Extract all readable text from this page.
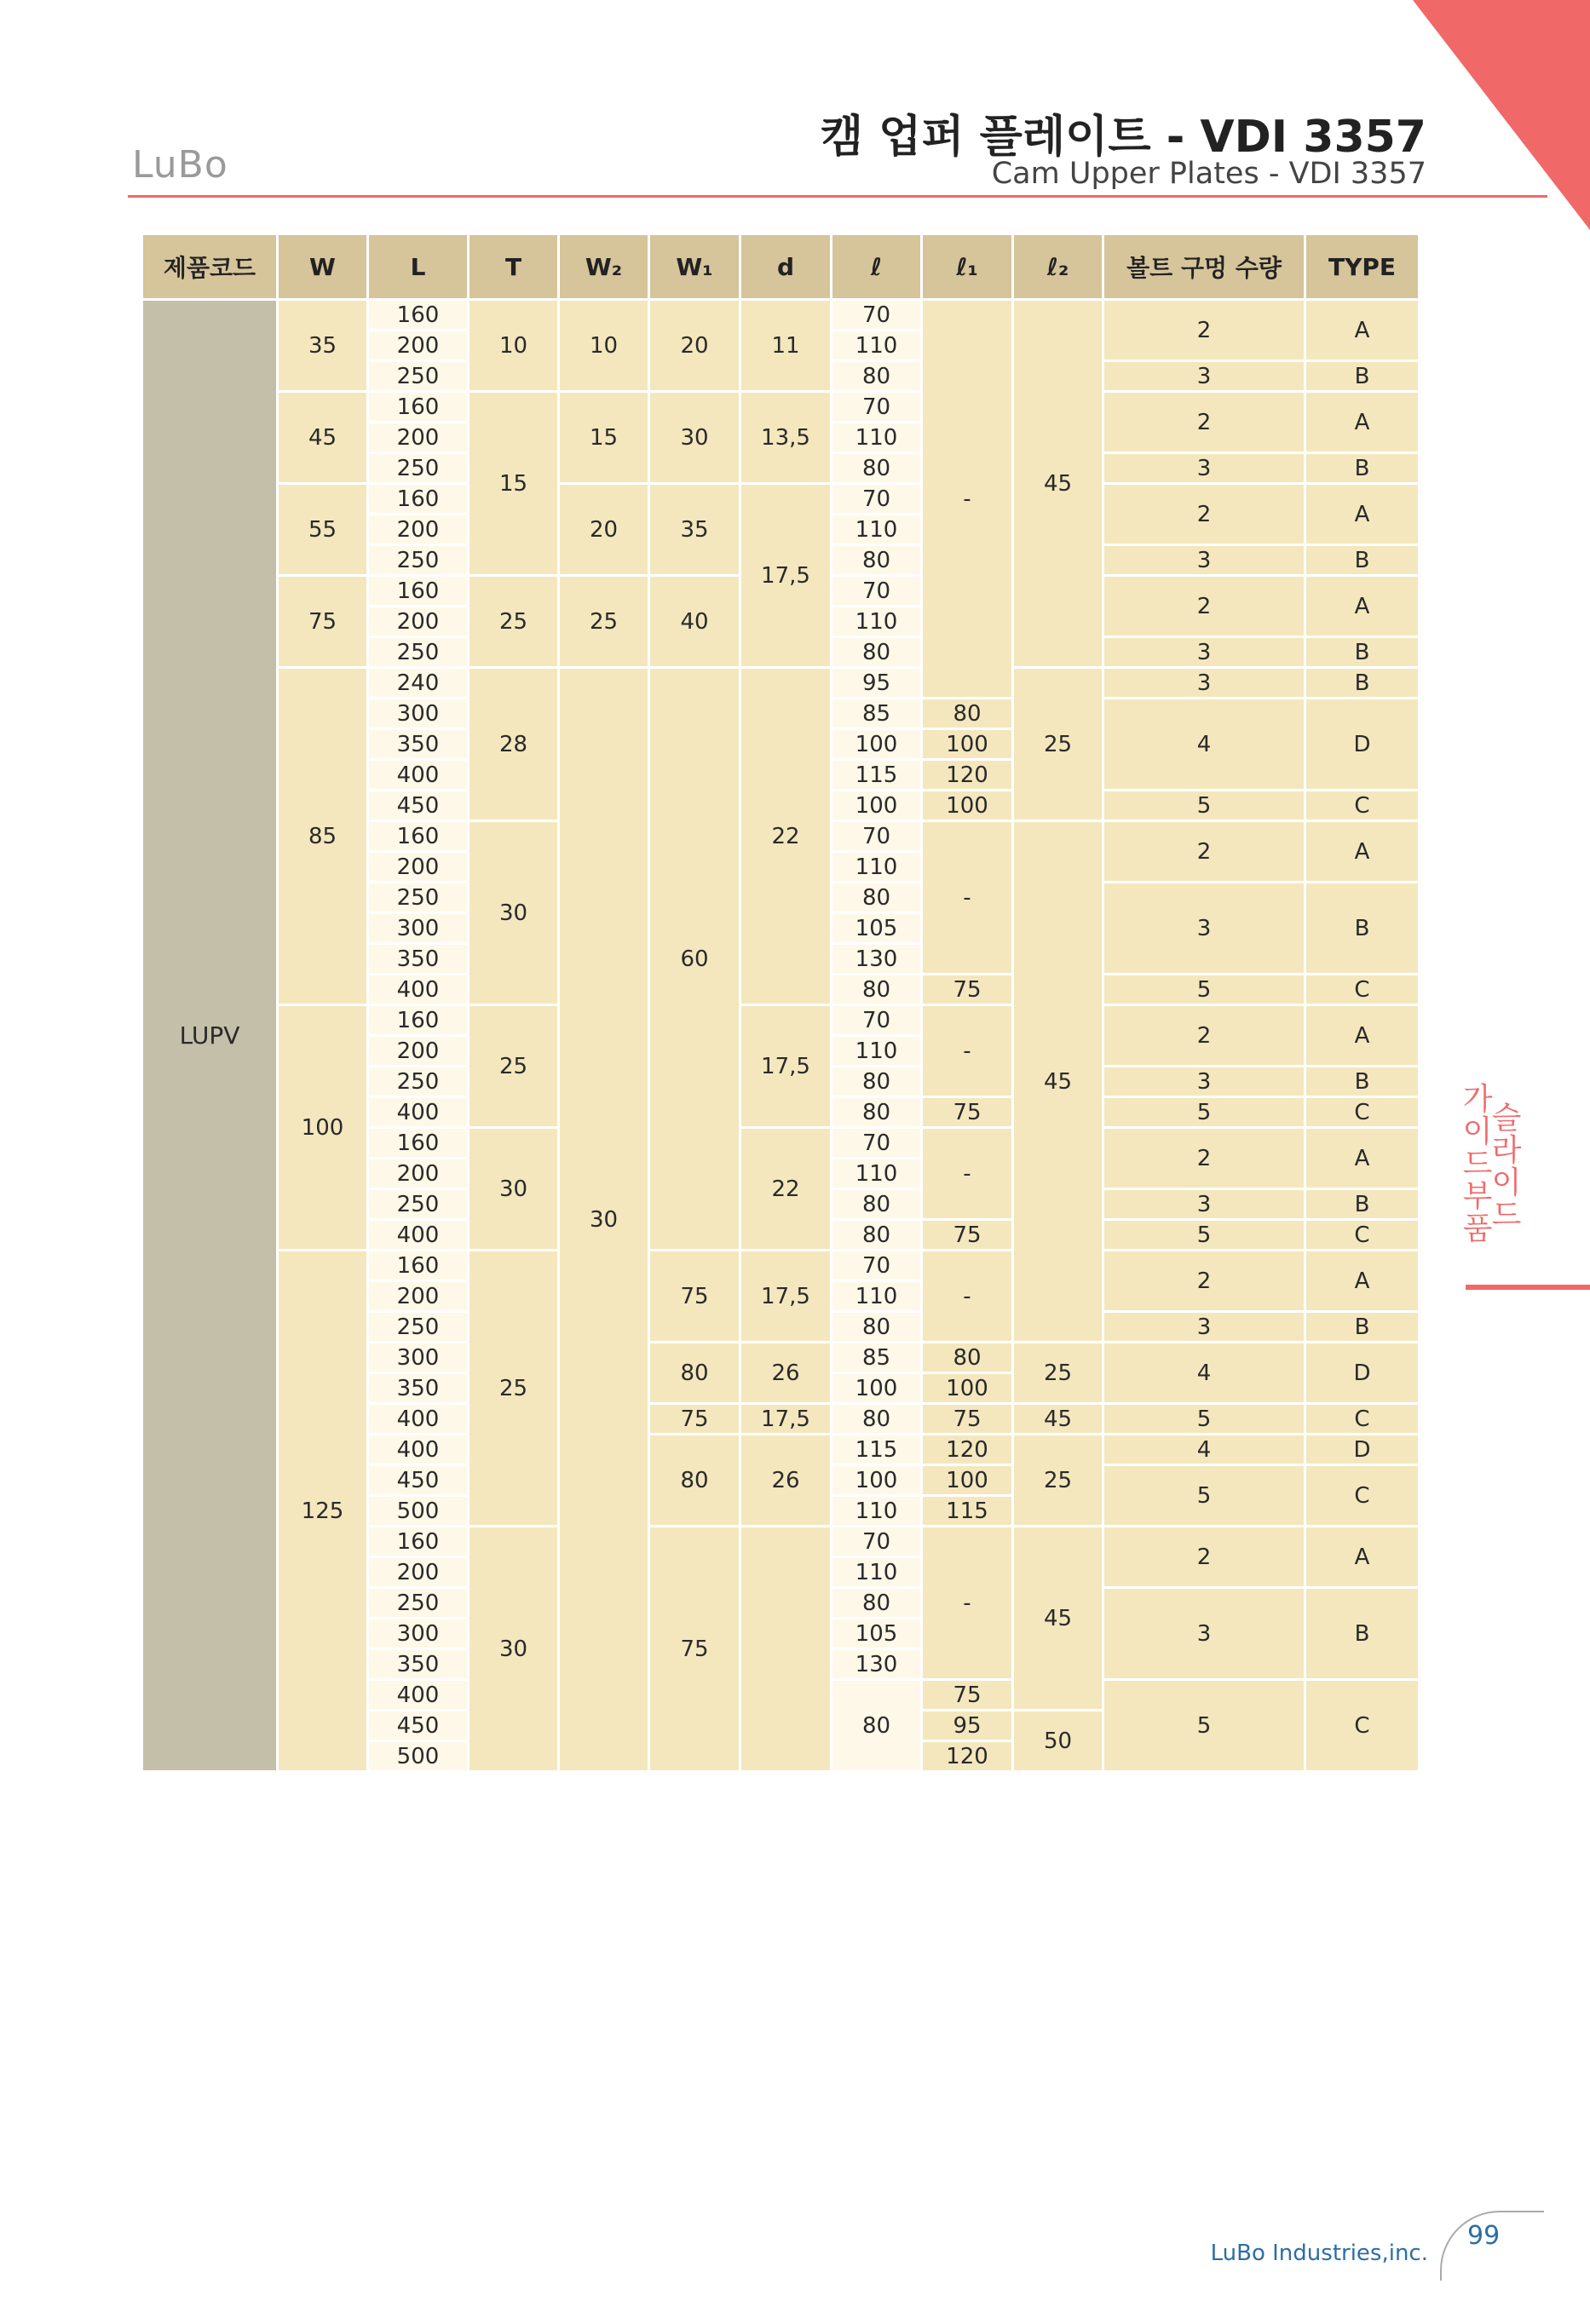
LuBo
캠 업퍼 플레이트 - VDI 3357
Cam Upper Plates - VDI 3357
제품코드	W	L	T	W₂	W₁	d	ℓ	ℓ₁	ℓ₂	볼트 구멍 수량	TYPE
LUPV	35	160	10	10	20	11	70	-	45	2	A
		200					110				
		250					80			3	B
	45	160	15	15	30	13,5	70			2	A
		200					110				
		250					80			3	B
	55	160		20	35	17,5	70			2	A
		200					110				
		250					80			3	B
	75	160	25	25	40		70			2	A
		200					110				
		250					80			3	B
	85	240	28	30	60	22	95		25	3	B
		300					85	80		4	D
		350					100	100			
		400					115	120			
		450					100	100		5	C
		160	30				70	-	45	2	A
		200					110				
		250					80			3	B
		300					105				
		350					130				
		400					80	75		5	C
	100	160	25			17,5	70	-		2	A
		200					110				
		250					80			3	B
		400					80	75		5	C
		160	30			22	70	-		2	A
		200					110				
		250					80			3	B
		400					80	75		5	C
	125	160	25		75	17,5	70	-		2	A
		200					110				
		250					80			3	B
		300			80	26	85	80	25	4	D
		350					100	100			
		400			75	17,5	80	75	45	5	C
		400			80	26	115	120	25	4	D
		450					100	100		5	C
		500					110	115			
		160	30		75		70	-	45	2	A
		200					110				
		250					80			3	B
		300					105				
		350					130				
		400					80	75		5	C
		450						95	50		
		500						120			
가이드부품
슬라이드
LuBo Industries,inc.
99
